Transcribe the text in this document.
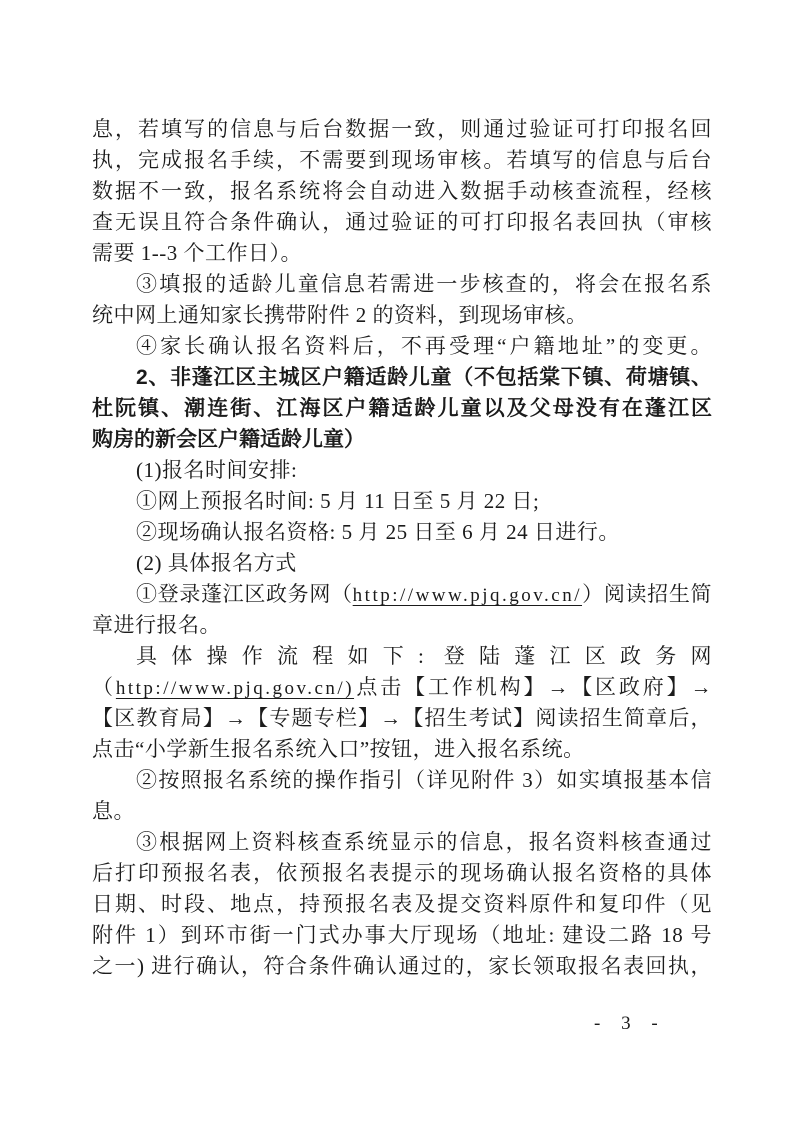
息，若填写的信息与后台数据一致，则通过验证可打印报名回
执，完成报名手续，不需要到现场审核。若填写的信息与后台
数据不一致，报名系统将会自动进入数据手动核查流程，经核
查无误且符合条件确认，通过验证的可打印报名表回执（审核
需要 1--3 个工作日）。
③填报的适龄儿童信息若需进一步核查的，将会在报名系
统中网上通知家长携带附件 2 的资料，到现场审核。
④家长确认报名资料后，不再受理“户籍地址”的变更。
2、非蓬江区主城区户籍适龄儿童（不包括棠下镇、荷塘镇、
杜阮镇、潮连街、江海区户籍适龄儿童以及父母没有在蓬江区
购房的新会区户籍适龄儿童）
(1)报名时间安排:
①网上预报名时间: 5 月 11 日至 5 月 22 日;
②现场确认报名资格: 5 月 25 日至 6 月 24 日进行。
(2) 具体报名方式
①登录蓬江区政务网（http://www.pjq.gov.cn/）阅读招生简
章进行报名。
具体操作流程如下: 登陆蓬江区政务网
（http://www.pjq.gov.cn/)点击【工作机构】→【区政府】→
【区教育局】→【专题专栏】→【招生考试】阅读招生简章后，
点击“小学新生报名系统入口”按钮，进入报名系统。
②按照报名系统的操作指引（详见附件 3）如实填报基本信
息。
③根据网上资料核查系统显示的信息，报名资料核查通过
后打印预报名表，依预报名表提示的现场确认报名资格的具体
日期、时段、地点，持预报名表及提交资料原件和复印件（见
附件 1）到环市街一门式办事大厅现场（地址: 建设二路 18 号
之一) 进行确认，符合条件确认通过的，家长领取报名表回执，
- 3 -
